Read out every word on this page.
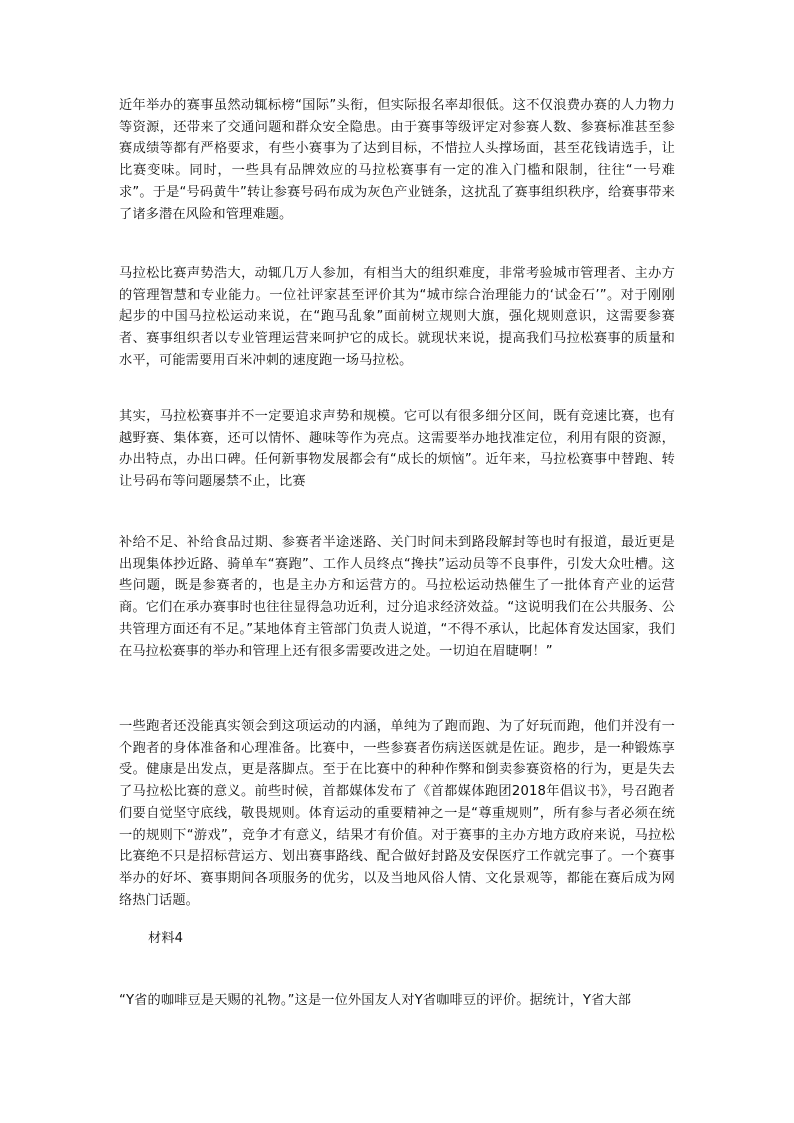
近年举办的赛事虽然动辄标榜“国际”头衔，但实际报名率却很低。这不仅浪费办赛的人力物力等资源，还带来了交通问题和群众安全隐患。由于赛事等级评定对参赛人数、参赛标准甚至参赛成绩等都有严格要求，有些小赛事为了达到目标，不惜拉人头撑场面，甚至花钱请选手，让比赛变味。同时，一些具有品牌效应的马拉松赛事有一定的准入门槛和限制，往往“一号难求”。于是“号码黄牛”转让参赛号码布成为灰色产业链条，这扰乱了赛事组织秩序，给赛事带来了诸多潜在风险和管理难题。

马拉松比赛声势浩大，动辄几万人参加，有相当大的组织难度，非常考验城市管理者、主办方的管理智慧和专业能力。一位社评家甚至评价其为“城市综合治理能力的‘试金石’”。对于刚刚起步的中国马拉松运动来说，在“跑马乱象”面前树立规则大旗，强化规则意识，这需要参赛者、赛事组织者以专业管理运营来呵护它的成长。就现状来说，提高我们马拉松赛事的质量和水平，可能需要用百米冲刺的速度跑一场马拉松。

其实，马拉松赛事并不一定要追求声势和规模。它可以有很多细分区间，既有竞速比赛，也有越野赛、集体赛，还可以情怀、趣味等作为亮点。这需要举办地找准定位，利用有限的资源，办出特点，办出口碑。任何新事物发展都会有“成长的烦恼”。近年来，马拉松赛事中替跑、转让号码布等问题屡禁不止，比赛

补给不足、补给食品过期、参赛者半途迷路、关门时间未到路段解封等也时有报道，最近更是出现集体抄近路、骑单车“赛跑”、工作人员终点“搀扶”运动员等不良事件，引发大众吐槽。这些问题，既是参赛者的，也是主办方和运营方的。马拉松运动热催生了一批体育产业的运营商。它们在承办赛事时也往往显得急功近利，过分追求经济效益。“这说明我们在公共服务、公共管理方面还有不足。”某地体育主管部门负责人说道，“不得不承认，比起体育发达国家，我们在马拉松赛事的举办和管理上还有很多需要改进之处。一切迫在眉睫啊！”

一些跑者还没能真实领会到这项运动的内涵，单纯为了跑而跑、为了好玩而跑，他们并没有一个跑者的身体准备和心理准备。比赛中，一些参赛者伤病送医就是佐证。跑步，是一种锻炼享受。健康是出发点，更是落脚点。至于在比赛中的种种作弊和倒卖参赛资格的行为，更是失去了马拉松比赛的意义。前些时候，首都媒体发布了《首都媒体跑团2018年倡议书》，号召跑者们要自觉坚守底线，敬畏规则。体育运动的重要精神之一是“尊重规则”，所有参与者必须在统一的规则下“游戏”，竞争才有意义，结果才有价值。对于赛事的主办方地方政府来说，马拉松比赛绝不只是招标营运方、划出赛事路线、配合做好封路及安保医疗工作就完事了。一个赛事举办的好坏、赛事期间各项服务的优劣，以及当地风俗人情、文化景观等，都能在赛后成为网络热门话题。

材料4

“Y省的咖啡豆是天赐的礼物。”这是一位外国友人对Y省咖啡豆的评价。据统计，Y省大部
